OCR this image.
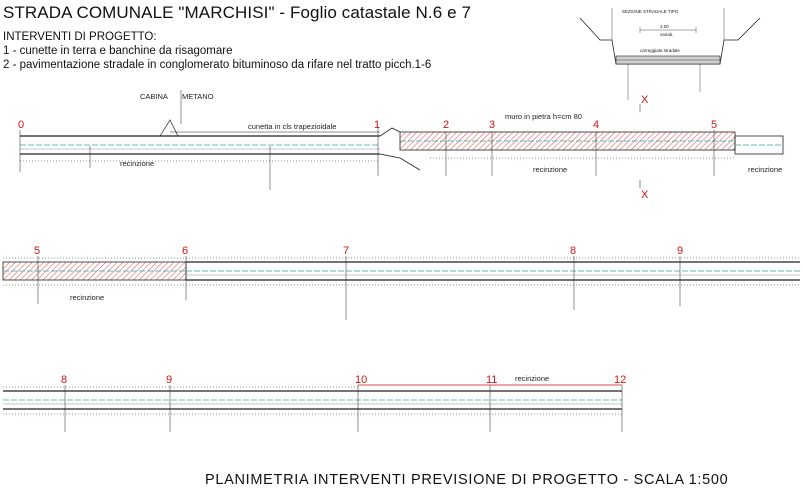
STRADA COMUNALE "MARCHISI" - Foglio catastale N.6 e 7
INTERVENTI DI PROGETTO:
1 - cunette in terra e banchine da risagomare
2 - pavimentazione stradale in conglomerato bituminoso da rifare nel tratto picch.1-6
SEZIONE STRADALE TIPO
3.00
variab.
carreggiata stradale
CABINA METANO
cunetta in cls trapezioidale
muro in pietra h=cm 80
recinzione
recinzione	recinzione
X
X
0	1	2	3	4	5
recinzione
5	6	7	8	9
recinzione
8	9	10	11	12
PLANIMETRIA INTERVENTI PREVISIONE DI PROGETTO - SCALA 1:500
